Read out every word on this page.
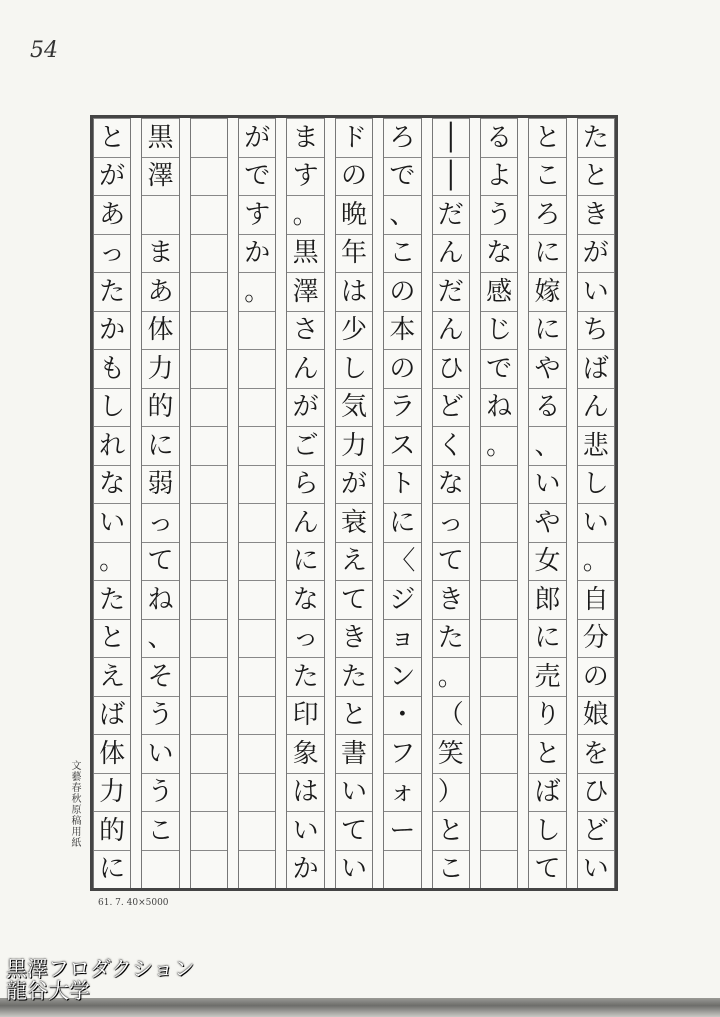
54
た
と
き
が
い
ち
ば
ん
悲
し
い
。
自
分
の
娘
を
ひ
ど
い
と
こ
ろ
に
嫁
に
や
る
、
い
や
女
郎
に
売
り
と
ば
し
て
る
よ
う
な
感
じ
で
ね
。
│
│
だ
ん
だ
ん
ひ
ど
く
な
っ
て
き
た
。
（
笑
）
と
こ
ろ
で
、
こ
の
本
の
ラ
ス
ト
に
〈
ジ
ョ
ン
・
フ
ォ
ー
ド
の
晩
年
は
少
し
気
力
が
衰
え
て
き
た
と
書
い
て
い
ま
す
。
黒
澤
さ
ん
が
ご
ら
ん
に
な
っ
た
印
象
は
い
か
が
で
す
か
。
黒
澤

ま
あ
体
力
的
に
弱
っ
て
ね
、
そ
う
い
う
こ
と
が
あ
っ
た
か
も
し
れ
な
い
。
た
と
え
ば
体
力
的
に
文藝春秋原稿用紙
61. 7. 40×5000
黒澤フロダクション
龍谷大学
